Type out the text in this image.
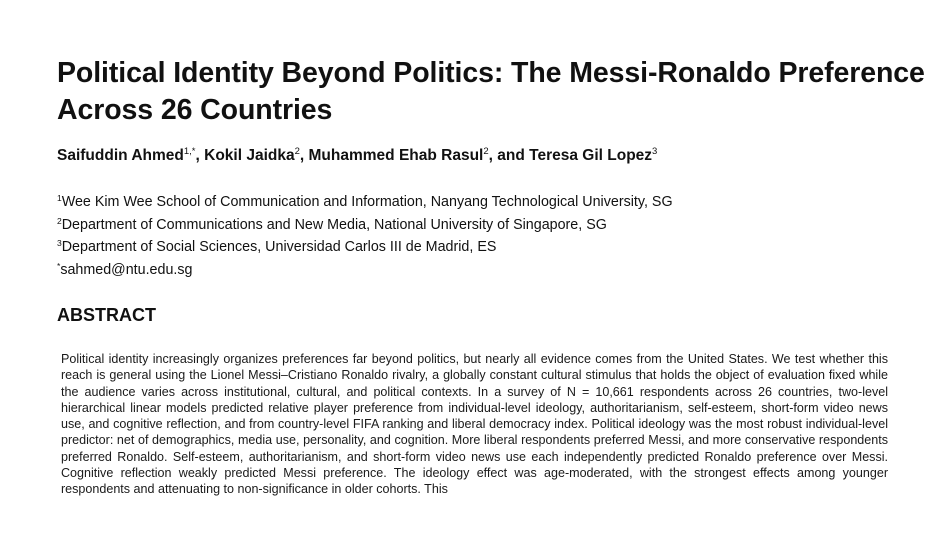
Political Identity Beyond Politics: The Messi-Ronaldo Preference Across 26 Countries
Saifuddin Ahmed$^{1,*}$, Kokil Jaidka$^2$, Muhammed Ehab Rasul$^2$, and Teresa Gil Lopez$^3$
$^1$Wee Kim Wee School of Communication and Information, Nanyang Technological University, SG
$^2$Department of Communications and New Media, National University of Singapore, SG
$^3$Department of Social Sciences, Universidad Carlos III de Madrid, ES
*sahmed@ntu.edu.sg
ABSTRACT

Political identity increasingly organizes preferences far beyond politics, but nearly all evidence comes from the United States. We test whether this reach is general using the Lionel Messi–Cristiano Ronaldo rivalry, a globally constant cultural stimulus that holds the object of evaluation fixed while the audience varies across institutional, cultural, and political contexts. In a survey of N = 10,661 respondents across 26 countries, two-level hierarchical linear models predicted relative player preference from individual-level ideology, authoritarianism, self-esteem, short-form video news use, and cognitive reflection, and from country-level FIFA ranking and liberal democracy index. Political ideology was the most robust individual-level predictor: net of demographics, media use, personality, and cognition. More liberal respondents preferred Messi, and more conservative respondents preferred Ronaldo. Self-esteem, authoritarianism, and short-form video news use each independently predicted Ronaldo preference over Messi. Cognitive reflection weakly predicted Messi preference. The ideology effect was age-moderated, with the strongest effects among younger respondents and attenuating to non-significance in older cohorts. This
